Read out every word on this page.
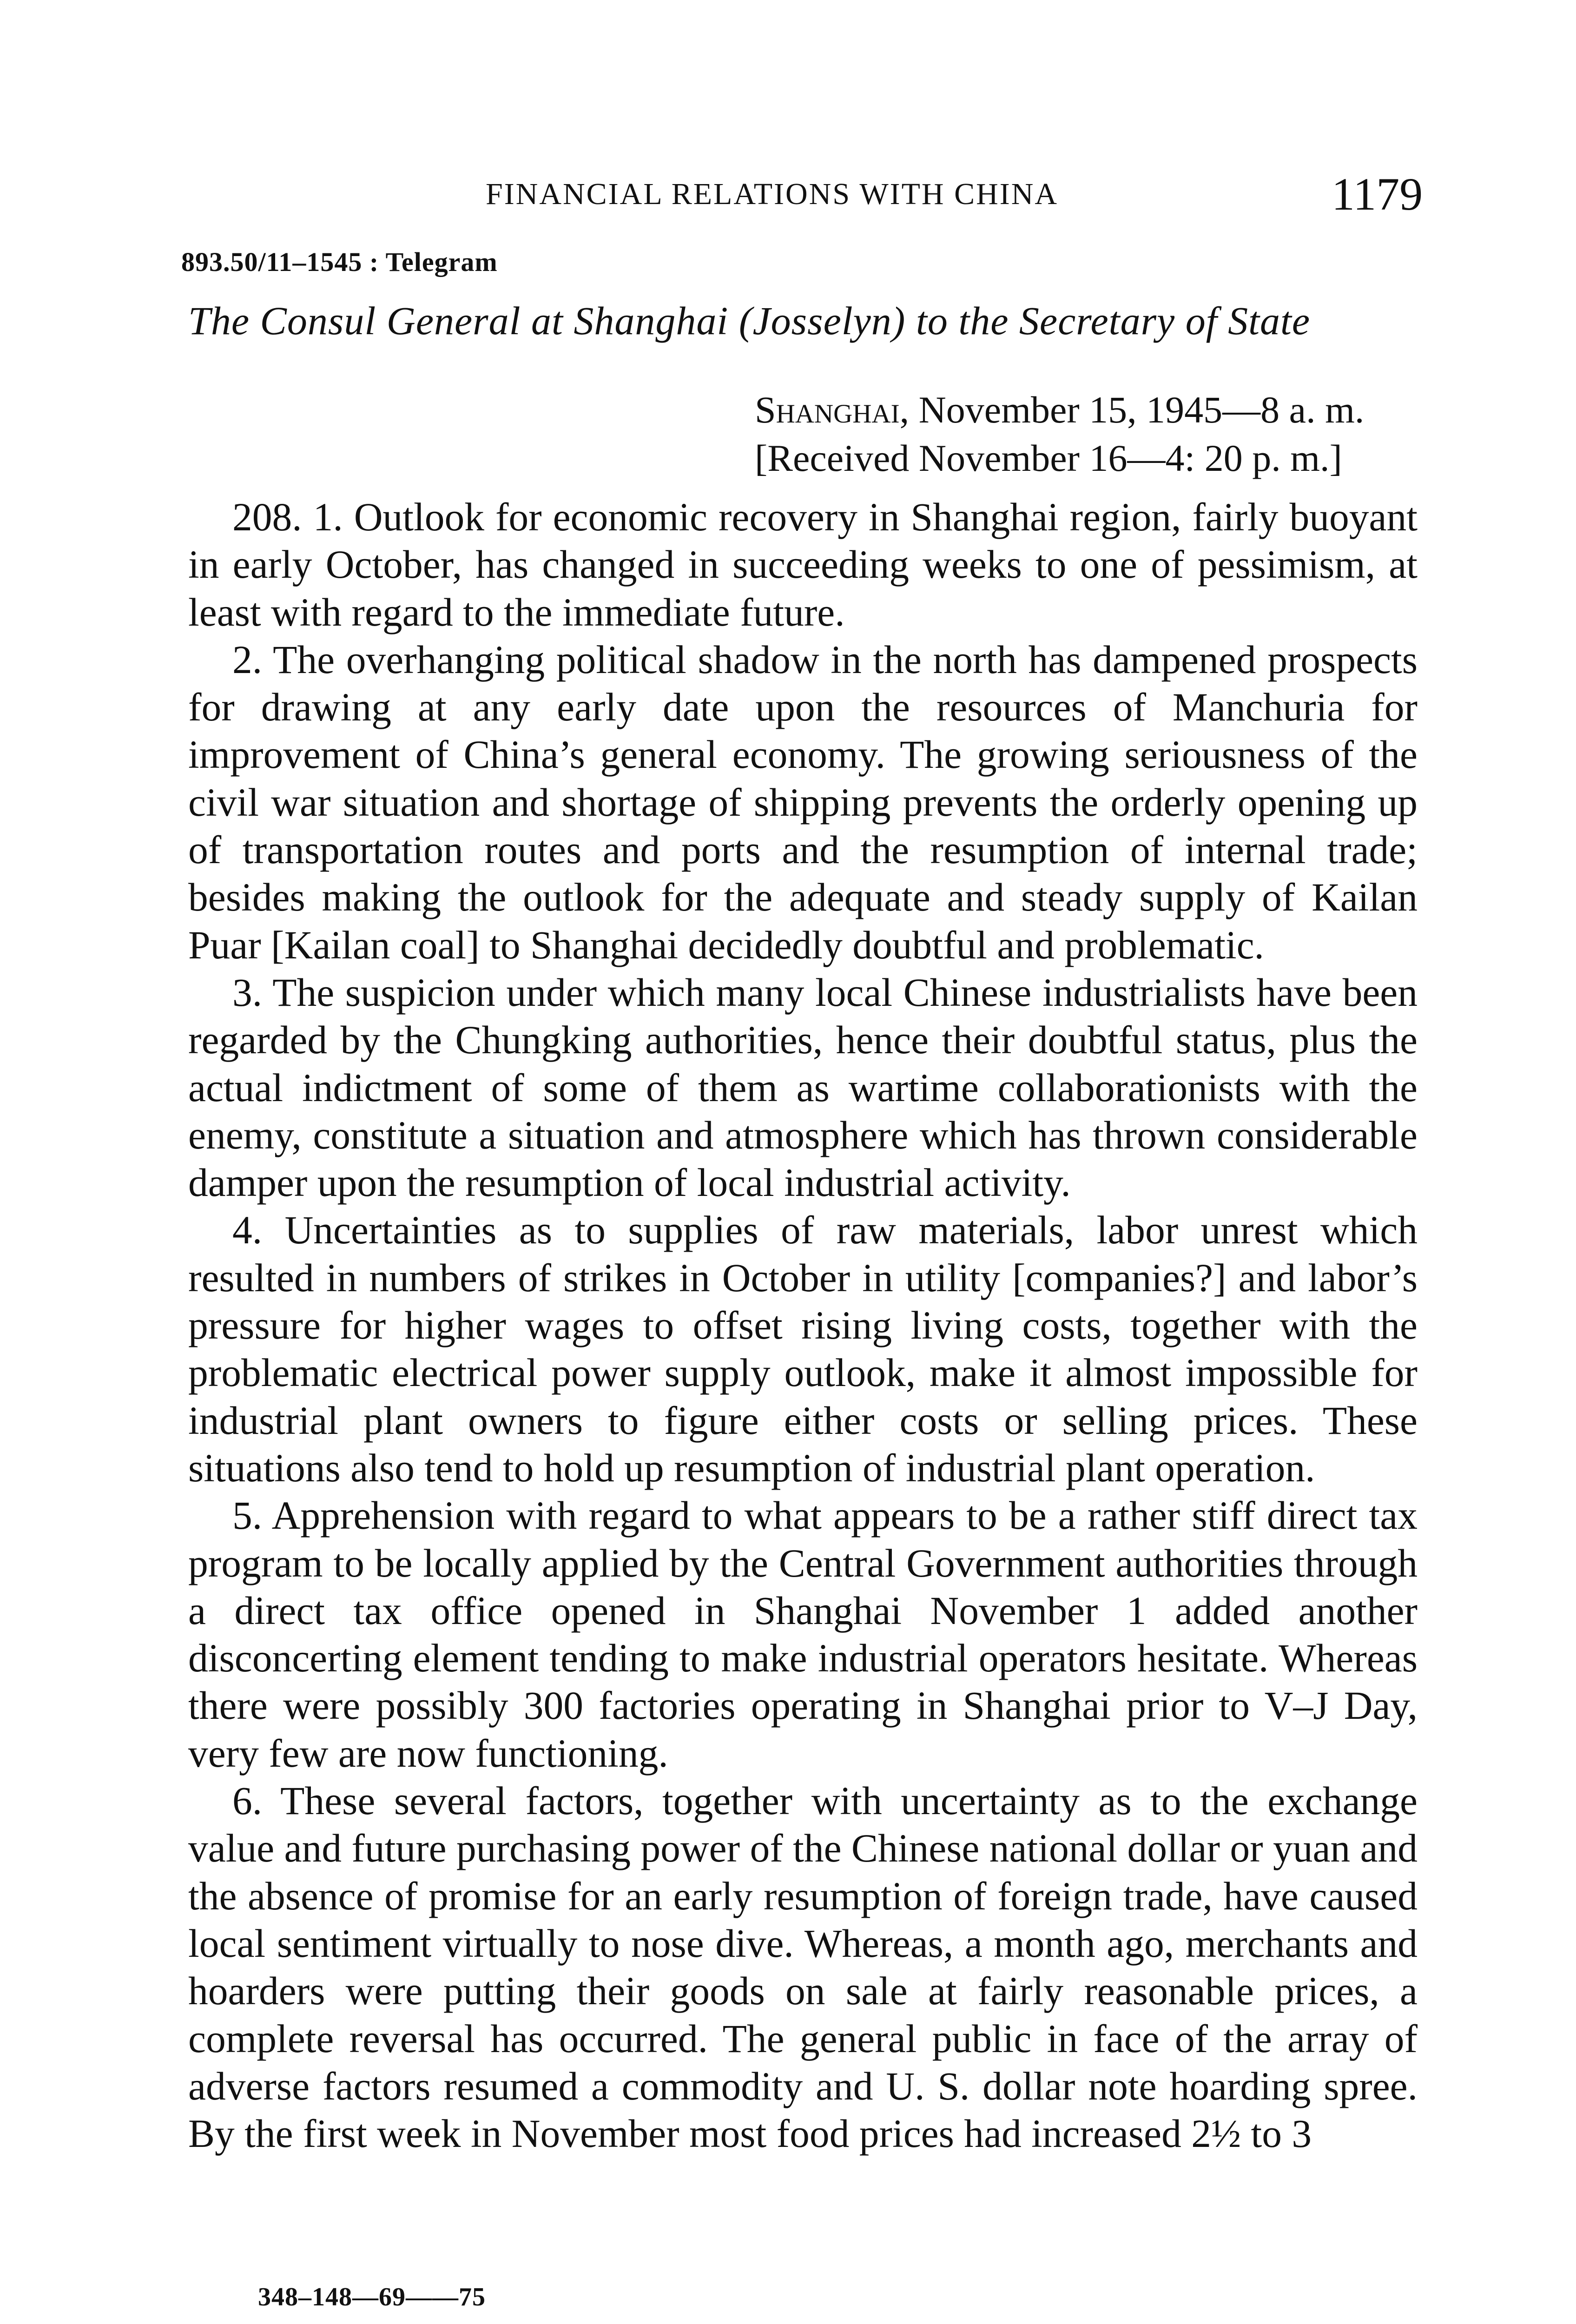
FINANCIAL RELATIONS WITH CHINA	1179
893.50/11–1545 : Telegram
The Consul General at Shanghai (Josselyn) to the Secretary of State
Shanghai, November 15, 1945—8 a. m.
[Received November 16—4: 20 p. m.]

208. 1. Outlook for economic recovery in Shanghai region, fairly buoyant in early October, has changed in succeeding weeks to one of pessimism, at least with regard to the immediate future.

2. The overhanging political shadow in the north has dampened prospects for drawing at any early date upon the resources of Manchuria for improvement of China’s general economy. The growing seriousness of the civil war situation and shortage of shipping prevents the orderly opening up of transportation routes and ports and the resumption of internal trade; besides making the outlook for the adequate and steady supply of Kailan Puar [Kailan coal] to Shanghai decidedly doubtful and problematic.

3. The suspicion under which many local Chinese industrialists have been regarded by the Chungking authorities, hence their doubtful status, plus the actual indictment of some of them as wartime collaborationists with the enemy, constitute a situation and atmosphere which has thrown considerable damper upon the resumption of local industrial activity.

4. Uncertainties as to supplies of raw materials, labor unrest which resulted in numbers of strikes in October in utility [companies?] and labor’s pressure for higher wages to offset rising living costs, together with the problematic electrical power supply outlook, make it almost impossible for industrial plant owners to figure either costs or selling prices. These situations also tend to hold up resumption of industrial plant operation.

5. Apprehension with regard to what appears to be a rather stiff direct tax program to be locally applied by the Central Government authorities through a direct tax office opened in Shanghai November 1 added another disconcerting element tending to make industrial operators hesitate. Whereas there were possibly 300 factories operating in Shanghai prior to V–J Day, very few are now functioning.

6. These several factors, together with uncertainty as to the exchange value and future purchasing power of the Chinese national dollar or yuan and the absence of promise for an early resumption of foreign trade, have caused local sentiment virtually to nose dive. Whereas, a month ago, merchants and hoarders were putting their goods on sale at fairly reasonable prices, a complete reversal has occurred. The general public in face of the array of adverse factors resumed a commodity and U. S. dollar note hoarding spree. By the first week in November most food prices had increased 2½ to 3

348–148—69——75
